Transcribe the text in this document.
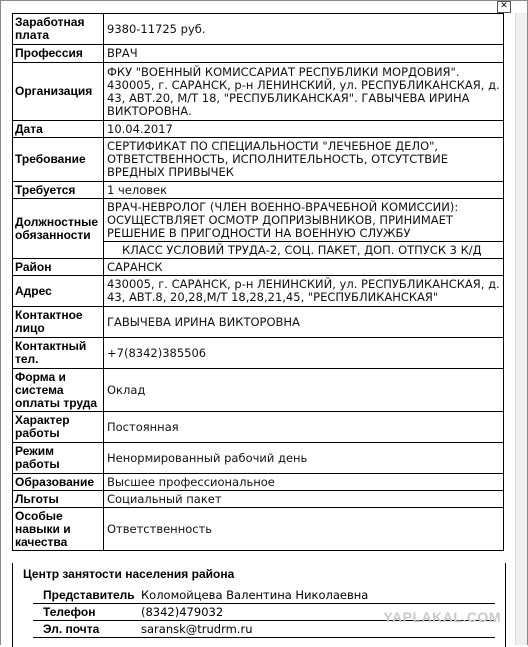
✕
Заработная плата	9380-11725 руб.
Профессия	ВРАЧ
Организация	ФКУ "ВОЕННЫЙ КОМИССАРИАТ РЕСПУБЛИКИ МОРДОВИЯ". 430005, г. САРАНСК, р-н ЛЕНИНСКИЙ, ул. РЕСПУБЛИКАНСКАЯ, д. 43, АВТ.20, М/Т 18, "РЕСПУБЛИКАНСКАЯ". ГАВЫЧЕВА ИРИНА ВИКТОРОВНА.
Дата	10.04.2017
Требование	СЕРТИФИКАТ ПО СПЕЦИАЛЬНОСТИ "ЛЕЧЕБНОЕ ДЕЛО", ОТВЕТСТВЕННОСТЬ, ИСПОЛНИТЕЛЬНОСТЬ, ОТСУТСТВИЕ ВРЕДНЫХ ПРИВЫЧЕК
Требуется	1 человек
Должностные обязанности	ВРАЧ-НЕВРОЛОГ (ЧЛЕН ВОЕННО-ВРАЧЕБНОЙ КОМИССИИ): ОСУЩЕСТВЛЯЕТ ОСМОТР ДОПРИЗЫВНИКОВ, ПРИНИМАЕТ РЕШЕНИЕ В ПРИГОДНОСТИ НА ВОЕННУЮ СЛУЖБУ
	КЛАСС УСЛОВИЙ ТРУДА-2, СОЦ. ПАКЕТ, ДОП. ОТПУСК 3 К/Д
Район	САРАНСК
Адрес	430005, г. САРАНСК, р-н ЛЕНИНСКИЙ, ул. РЕСПУБЛИКАНСКАЯ, д. 43, АВТ.8, 20,28,М/Т 18,28,21,45, "РЕСПУБЛИКАНСКАЯ"
Контактное лицо	ГАВЫЧЕВА ИРИНА ВИКТОРОВНА
Контактный тел.	+7(8342)385506
Форма и система оплаты труда	Оклад
Характер работы	Постоянная
Режим работы	Ненормированный рабочий день
Образование	Высшее профессиональное
Льготы	Социальный пакет
Особые навыки и качества	Ответственность
Центр занятости населения района
Представитель Коломойцева Валентина Николаевна
Телефон	(8342)479032
Эл. почта	saransk@trudrm.ru
YAPLAKAL.COM
